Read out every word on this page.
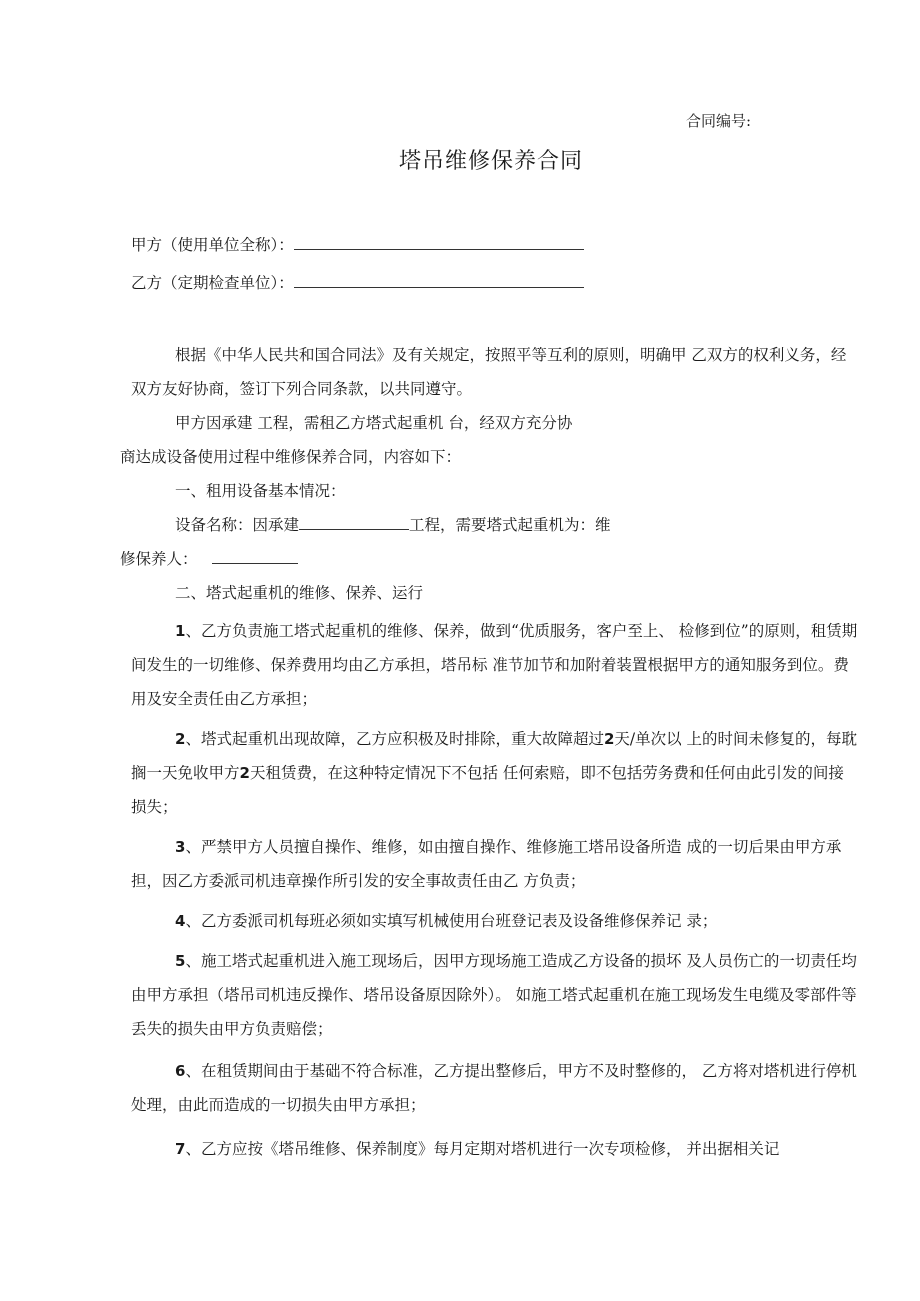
合同编号:
塔吊维修保养合同
甲方（使用单位全称）：
乙方（定期检查单位）：

根据《中华人民共和国合同法》及有关规定，按照平等互利的原则，明确甲 乙双方的权利义务，经双方友好协商，签订下列合同条款，以共同遵守。

甲方因承建 工程，需租乙方塔式起重机 台，经双方充分协

商达成设备使用过程中维修保养合同，内容如下：

一、租用设备基本情况：

设备名称：因承建	工程，需要塔式起重机为：维

修保养人：

二、塔式起重机的维修、保养、运行

1、乙方负责施工塔式起重机的维修、保养，做到“优质服务，客户至上、 检修到位”的原则，租赁期间发生的一切维修、保养费用均由乙方承担，塔吊标 准节加节和加附着装置根据甲方的通知服务到位。费用及安全责任由乙方承担；

2、塔式起重机出现故障，乙方应积极及时排除，重大故障超过2天/单次以 上的时间未修复的，每耽搁一天免收甲方2天租赁费，在这种特定情况下不包括 任何索赔，即不包括劳务费和任何由此引发的间接损失；

3、严禁甲方人员擅自操作、维修，如由擅自操作、维修施工塔吊设备所造 成的一切后果由甲方承担，因乙方委派司机违章操作所引发的安全事故责任由乙 方负责；

4、乙方委派司机每班必须如实填写机械使用台班登记表及设备维修保养记 录；

5、施工塔式起重机进入施工现场后，因甲方现场施工造成乙方设备的损坏 及人员伤亡的一切责任均由甲方承担（塔吊司机违反操作、塔吊设备原因除外）。 如施工塔式起重机在施工现场发生电缆及零部件等丢失的损失由甲方负责赔偿；

6、在租赁期间由于基础不符合标准，乙方提出整修后，甲方不及时整修的， 乙方将对塔机进行停机处理，由此而造成的一切损失由甲方承担；

7、乙方应按《塔吊维修、保养制度》每月定期对塔机进行一次专项检修， 并出据相关记
